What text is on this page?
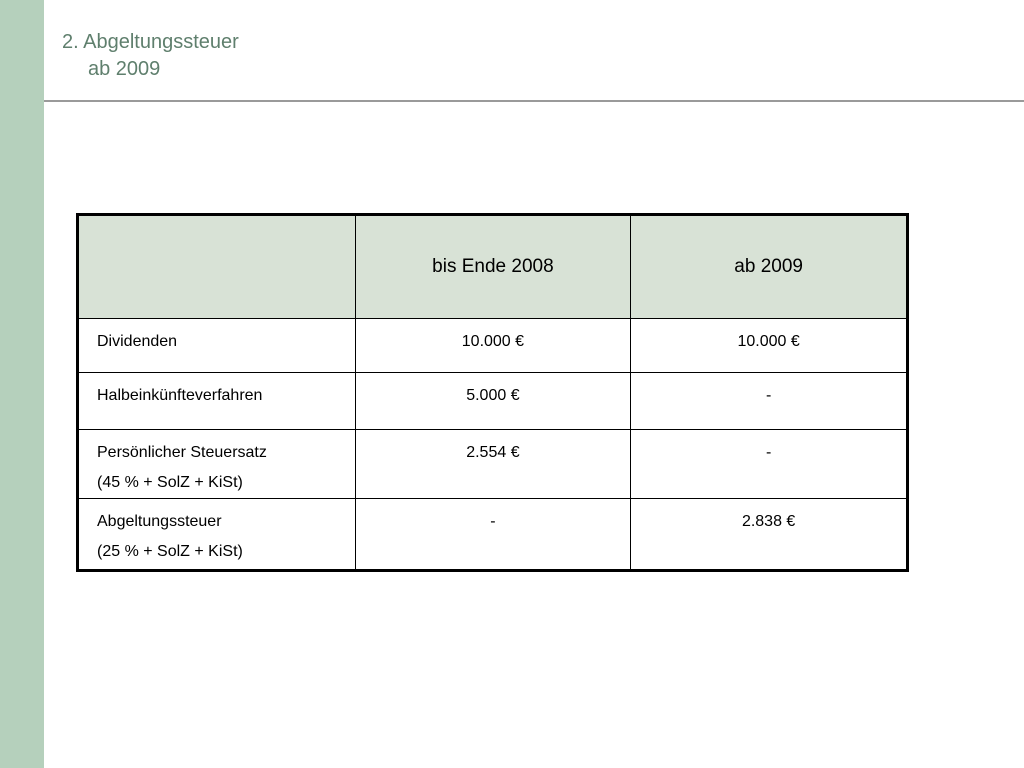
2. Abgeltungssteuer
ab 2009
	bis Ende 2008	ab 2009

Dividenden	10.000 €	10.000 €

Halbeinkünfteverfahren	5.000 €	-

Persönlicher Steuersatz
(45 % + SolZ + KiSt)	2.554 €	-

Abgeltungssteuer
(25 % + SolZ + KiSt)	-	2.838 €
